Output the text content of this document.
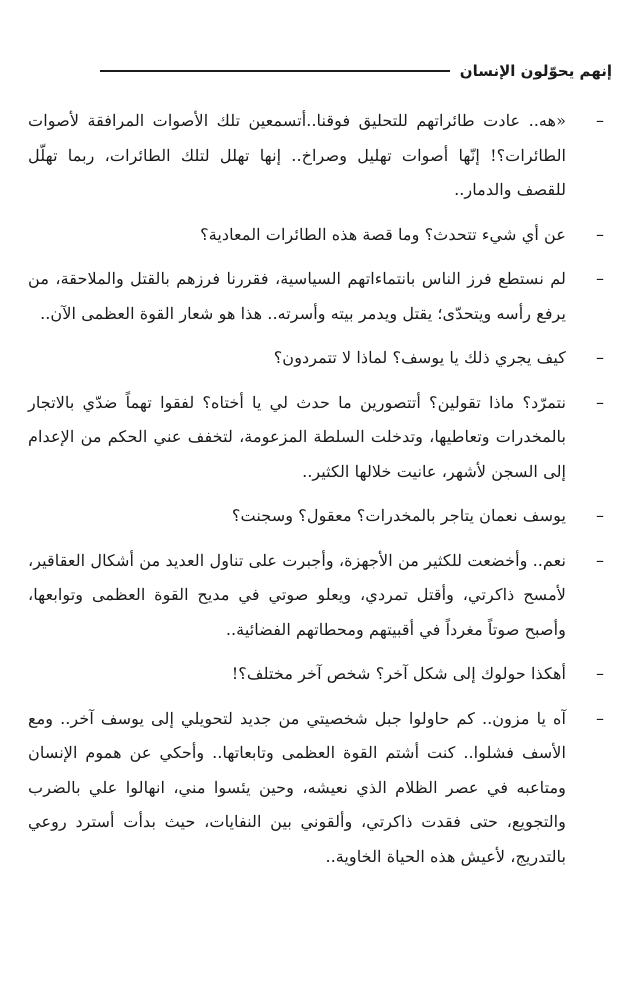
إنهم يحوّلون الإنسان

–
«هه.. عادت طائراتهم للتحليق فوقنا..أتسمعين تلك الأصوات المرافقة لأصوات الطائرات؟! إنّها أصوات تهليل وصراخ.. إنها تهلل لتلك الطائرات، ربما تهلّل للقصف والدمار..

–
عن أي شيء تتحدث؟ وما قصة هذه الطائرات المعادية؟

–
لم نستطع فرز الناس بانتماءاتهم السياسية، فقررنا فرزهم بالقتل والملاحقة، من يرفع رأسه ويتحدّى؛ يقتل ويدمر بيته وأسرته.. هذا هو شعار القوة العظمى الآن..

–
كيف يجري ذلك يا يوسف؟ لماذا لا تتمردون؟

–
نتمرّد؟ ماذا تقولين؟ أتتصورين ما حدث لي يا أختاه؟ لفقوا تهماً ضدّي بالاتجار بالمخدرات وتعاطيها، وتدخلت السلطة المزعومة، لتخفف عني الحكم من الإعدام إلى السجن لأشهر، عانيت خلالها الكثير..

–
يوسف نعمان يتاجر بالمخدرات؟ معقول؟ وسجنت؟

–
نعم.. وأخضعت للكثير من الأجهزة، وأجبرت على تناول العديد من أشكال العقاقير، لأمسح ذاكرتي، وأقتل تمردي، ويعلو صوتي في مديح القوة العظمى وتوابعها، وأصبح صوتاً مغرداً في أقبيتهم ومحطاتهم الفضائية..

–
أهكذا حولوك إلى شكل آخر؟ شخص آخر مختلف؟!

–
آه يا مزون.. كم حاولوا جبل شخصيتي من جديد لتحويلي إلى يوسف آخر.. ومع الأسف فشلوا.. كنت أشتم القوة العظمى وتابعاتها.. وأحكي عن هموم الإنسان ومتاعبه في عصر الظلام الذي نعيشه، وحين يئسوا مني، انهالوا علي بالضرب والتجويع، حتى فقدت ذاكرتي، وألقوني بين النفايات، حيث بدأت أسترد روعي بالتدريج، لأعيش هذه الحياة الخاوية..
